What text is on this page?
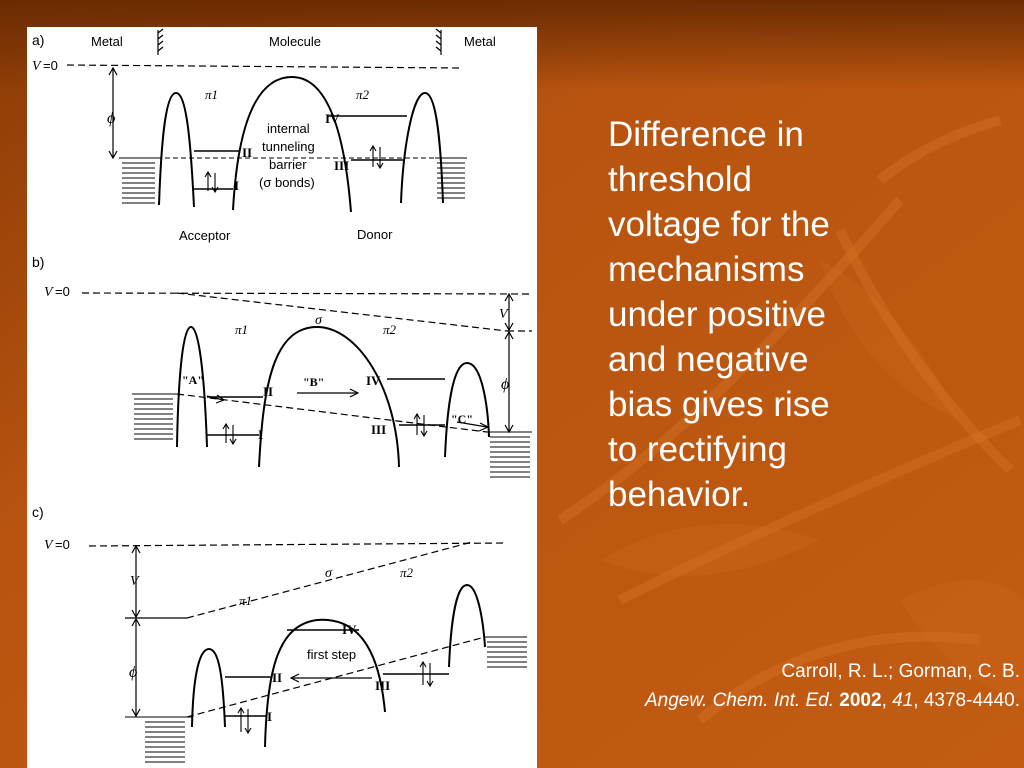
a)	Metal	Molecule	Metal
V =0
ϕ
π1	π2
internal
tunneling
barrier
(σ bonds)
II
I
IV
III
Acceptor	Donor
b)
V =0
V
ϕ
π1
σ
π2
"A"	"B"
"C"
II
I
IV
III
c)
V =0
V
ϕ
π1
σ	π2
first step
II
I
IV
III
Difference in
threshold
voltage for the
mechanisms
under positive
and negative
bias gives rise
to rectifying
behavior.
Carroll, R. L.; Gorman, C. B. Angew. Chem. Int. Ed. 2002, 41, 4378-4440.
